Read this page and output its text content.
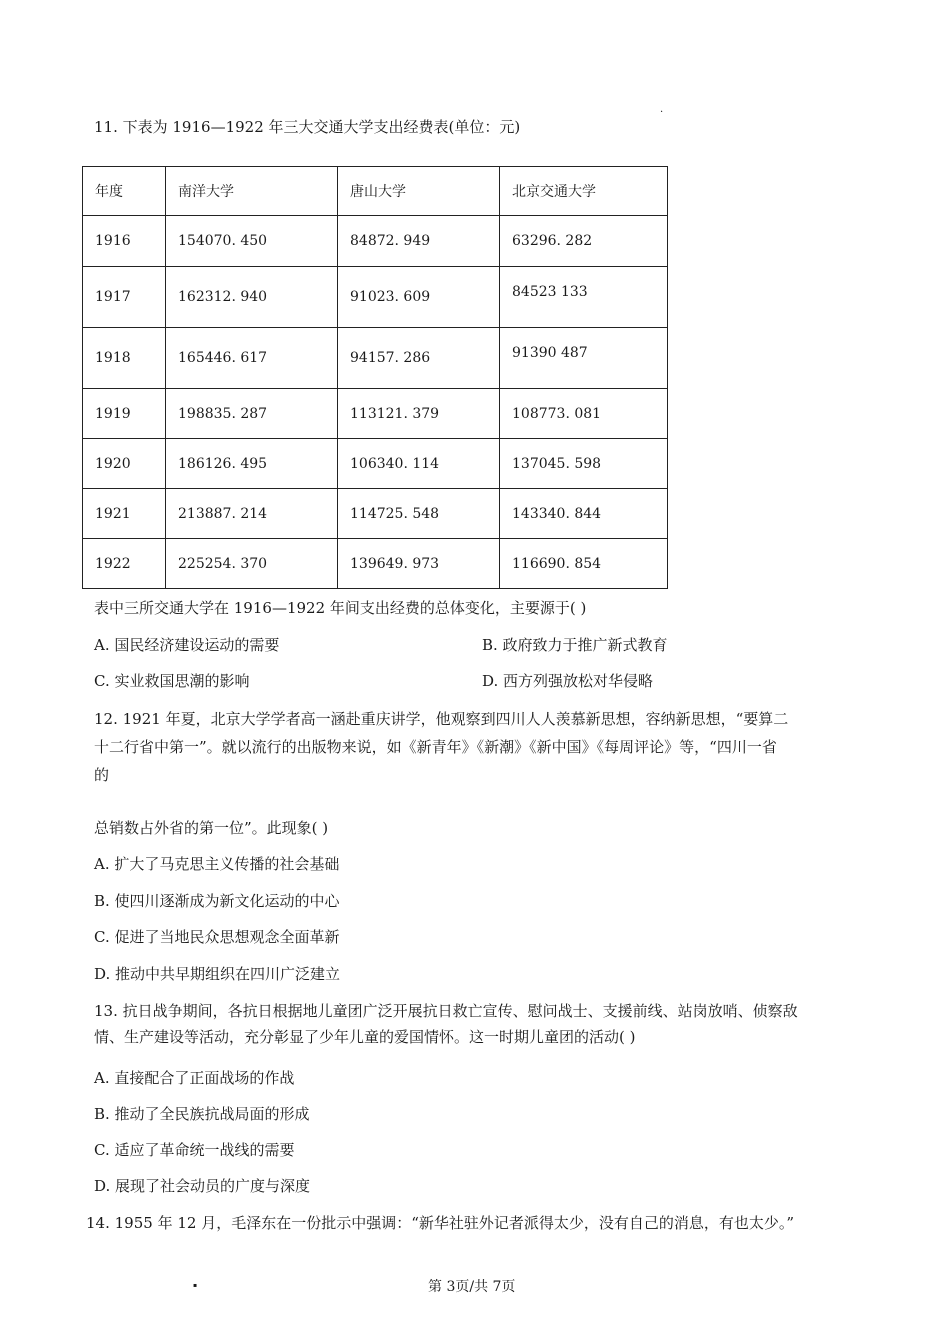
.
11. 下表为 1916—1922 年三大交通大学支出经费表(单位：元)
年度	南洋大学	唐山大学	北京交通大学
1916	154070. 450	84872. 949	63296. 282
1917	162312. 940	91023. 609	84523 133
1918	165446. 617	94157. 286	91390 487
1919	198835. 287	113121. 379	108773. 081
1920	186126. 495	106340. 114	137045. 598
1921	213887. 214	114725. 548	143340. 844
1922	225254. 370	139649. 973	116690. 854
表中三所交通大学在 1916—1922 年间支出经费的总体变化，主要源于( )
A. 国民经济建设运动的需要	B. 政府致力于推广新式教育
C. 实业救国思潮的影响	D. 西方列强放松对华侵略
12. 1921 年夏，北京大学学者高一涵赴重庆讲学，他观察到四川人人羡慕新思想，容纳新思想，“要算二
十二行省中第一”。就以流行的出版物来说，如《新青年》《新潮》《新中国》《每周评论》等，“四川一省
的
总销数占外省的第一位”。此现象( )
A. 扩大了马克思主义传播的社会基础
B. 使四川逐渐成为新文化运动的中心
C. 促进了当地民众思想观念全面革新
D. 推动中共早期组织在四川广泛建立
13. 抗日战争期间，各抗日根据地儿童团广泛开展抗日救亡宣传、慰问战士、支援前线、站岗放哨、侦察敌
情、生产建设等活动，充分彰显了少年儿童的爱国情怀。这一时期儿童团的活动( )
A. 直接配合了正面战场的作战
B. 推动了全民族抗战局面的形成
C. 适应了革命统一战线的需要
D. 展现了社会动员的广度与深度
14. 1955 年 12 月，毛泽东在一份批示中强调：“新华社驻外记者派得太少，没有自己的消息，有也太少。”
▪	第 3页/共 7页
